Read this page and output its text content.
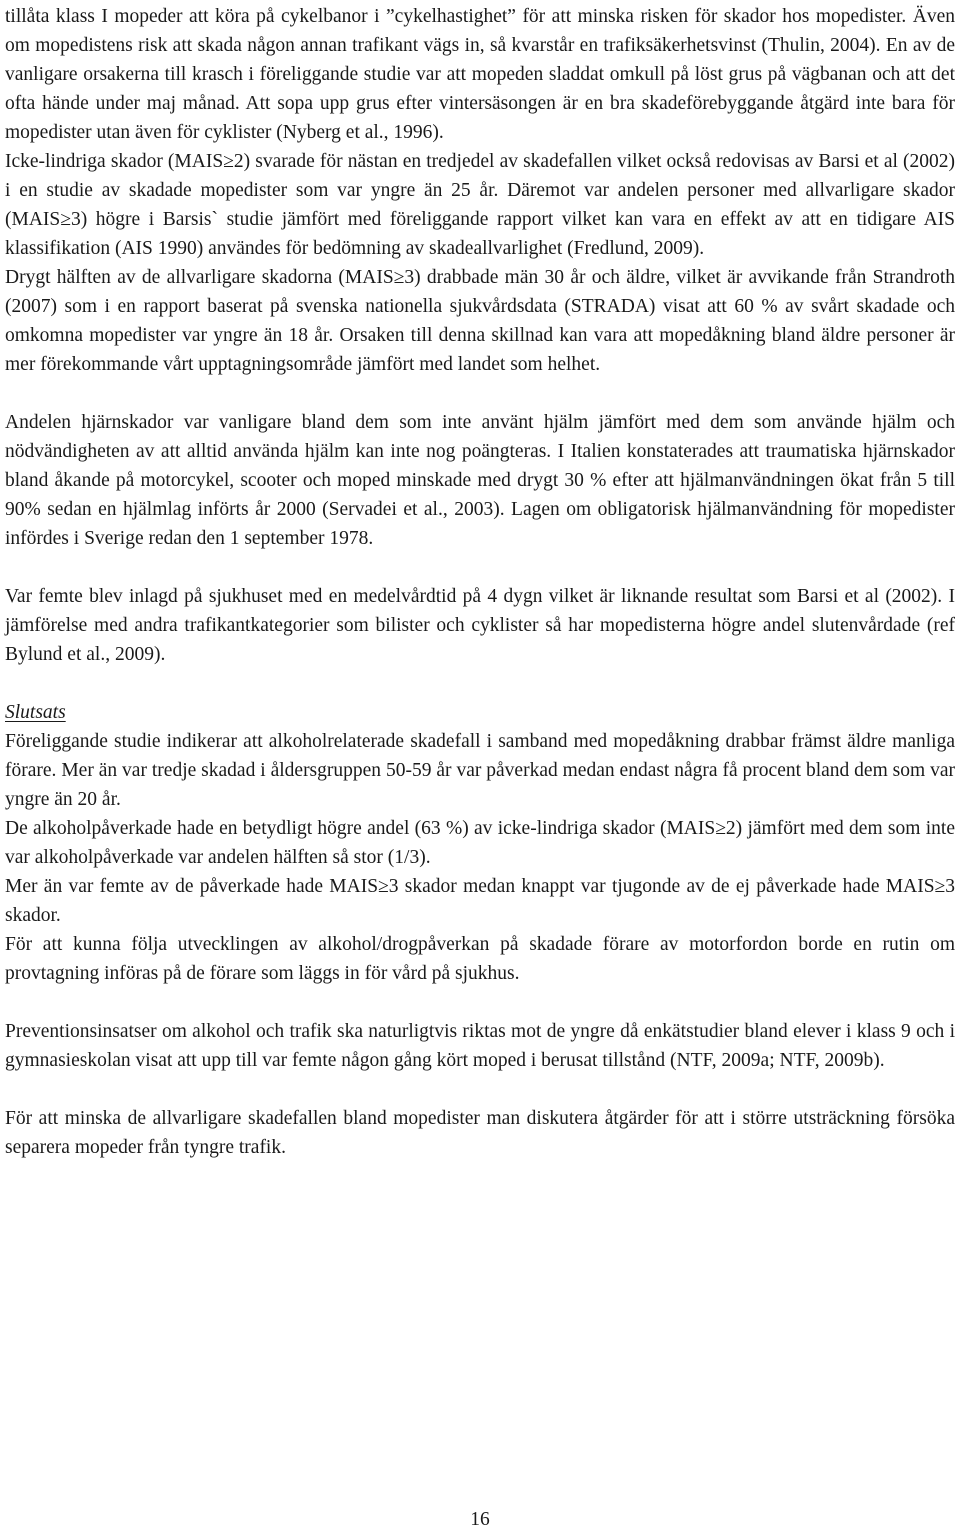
tillåta klass I mopeder att köra på cykelbanor i ”cykelhastighet” för att minska risken för skador hos mopedister. Även om mopedistens risk att skada någon annan trafikant vägs in, så kvarstår en trafiksäkerhetsvinst (Thulin, 2004). En av de vanligare orsakerna till krasch i föreliggande studie var att mopeden sladdat omkull på löst grus på vägbanan och att det ofta hände under maj månad. Att sopa upp grus efter vintersäsongen är en bra skadeförebyggande åtgärd inte bara för mopedister utan även för cyklister (Nyberg et al., 1996).

Icke-lindriga skador (MAIS≥2) svarade för nästan en tredjedel av skadefallen vilket också redovisas av Barsi et al (2002) i en studie av skadade mopedister som var yngre än 25 år. Däremot var andelen personer med allvarligare skador (MAIS≥3) högre i Barsis` studie jämfört med föreliggande rapport vilket kan vara en effekt av att en tidigare AIS klassifikation (AIS 1990) användes för bedömning av skadeallvarlighet (Fredlund, 2009).

Drygt hälften av de allvarligare skadorna (MAIS≥3) drabbade män 30 år och äldre, vilket är avvikande från Strandroth (2007) som i en rapport baserat på svenska nationella sjukvårdsdata (STRADA) visat att 60 % av svårt skadade och omkomna mopedister var yngre än 18 år. Orsaken till denna skillnad kan vara att mopedåkning bland äldre personer är mer förekommande vårt upptagningsområde jämfört med landet som helhet.

Andelen hjärnskador var vanligare bland dem som inte använt hjälm jämfört med dem som använde hjälm och nödvändigheten av att alltid använda hjälm kan inte nog poängteras. I Italien konstaterades att traumatiska hjärnskador bland åkande på motorcykel, scooter och moped minskade med drygt 30 % efter att hjälmanvändningen ökat från 5 till 90% sedan en hjälmlag införts år 2000 (Servadei et al., 2003). Lagen om obligatorisk hjälmanvändning för mopedister infördes i Sverige redan den 1 september 1978.

Var femte blev inlagd på sjukhuset med en medelvårdtid på 4 dygn vilket är liknande resultat som Barsi et al (2002). I jämförelse med andra trafikantkategorier som bilister och cyklister så har mopedisterna högre andel slutenvårdade (ref Bylund et al., 2009).

Slutsats

Föreliggande studie indikerar att alkoholrelaterade skadefall i samband med mopedåkning drabbar främst äldre manliga förare. Mer än var tredje skadad i åldersgruppen 50-59 år var påverkad medan endast några få procent bland dem som var yngre än 20 år.

De alkoholpåverkade hade en betydligt högre andel (63 %) av icke-lindriga skador (MAIS≥2) jämfört med dem som inte var alkoholpåverkade var andelen hälften så stor (1/3).

Mer än var femte av de påverkade hade MAIS≥3 skador medan knappt var tjugonde av de ej påverkade hade MAIS≥3 skador.

För att kunna följa utvecklingen av alkohol/drogpåverkan på skadade förare av motorfordon borde en rutin om provtagning införas på de förare som läggs in för vård på sjukhus.

Preventionsinsatser om alkohol och trafik ska naturligtvis riktas mot de yngre då enkätstudier bland elever i klass 9 och i gymnasieskolan visat att upp till var femte någon gång kört moped i berusat tillstånd (NTF, 2009a; NTF, 2009b).

För att minska de allvarligare skadefallen bland mopedister man diskutera åtgärder för att i större utsträckning försöka separera mopeder från tyngre trafik.

16
